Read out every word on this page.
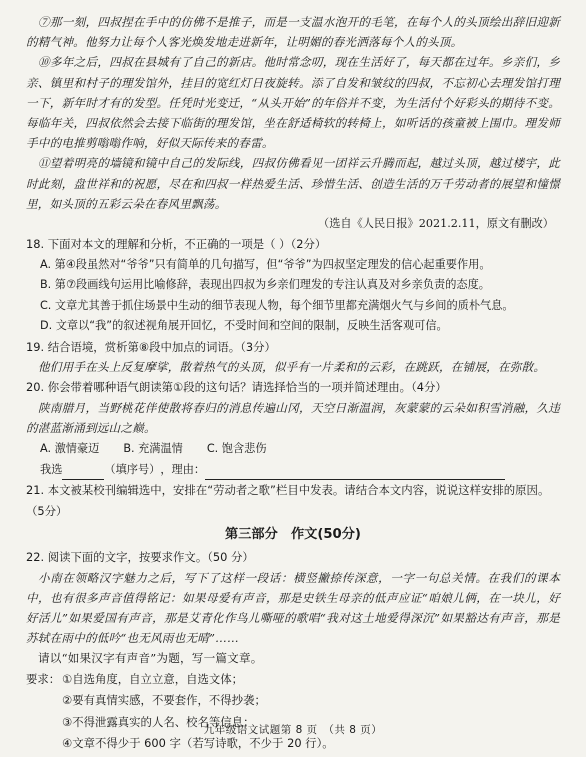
⑦那一刻，四叔捏在手中的仿佛不是推子，而是一支温水泡开的毛笔，在每个人的头顶绘出辞旧迎新的精气神。他努力让每个人客光焕发地走进新年，让明媚的春光洒落每个人的头顶。

⑩多年之后，四叔在县城有了自己的新店。他时常念叨，现在生活好了，每天都在过年。乡亲们，乡亲、镇里和村子的理发馆外，挂目的宽红灯日夜旋转。添了自发和皱纹的四叔，不忘初心去理发馆打理一下，新年时才有的发型。任凭时光变迁，“从头开始”的年俗并不变，为生活付个好彩头的期待不变。每临年关，四叔依然会去接下临街的理发馆，坐在舒适椅软的转椅上，如听话的孩童被上围巾。理发师手中的电推剪嗡嗡作响，好似天际传来的春雷。

⑪望着明亮的墙镜和镜中自己的发际线，四叔仿佛看见一团祥云升腾而起，越过头顶，越过楼宇，此时此刻，盘世祥和的祝愿，尽在和四叔一样热爱生活、珍惜生活、创造生活的万千劳动者的展望和憧憬里，如头顶的五彩云朵在春风里飘荡。

（选自《人民日报》2021.2.11，原文有删改）

18. 下面对本文的理解和分析，不正确的一项是（ ）（2分）

A. 第④段虽然对“爷爷”只有简单的几句描写，但“爷爷”为四叔坚定理发的信心起重要作用。

B. 第⑦段画线句运用比喻修辞，表现出四叔为乡亲们理发的专注认真及对乡亲负责的态度。

C. 文章尤其善于抓住场景中生动的细节表现人物，每个细节里都充满烟火气与乡间的质朴气息。

D. 文章以“我”的叙述视角展开回忆，不受时间和空间的限制，反映生活客观可信。

19. 结合语境，赏析第⑧段中加点的词语。（3分）

他们用手在头上反复摩挲，散着热气的头顶，似乎有一片柔和的云彩，在跳跃，在铺展，在弥散。

20. 你会带着哪种语气朗读第①段的这句话？请选择恰当的一项并简述理由。（4分）

陕南腊月，当野桃花伴使散将春归的消息传遍山冈，天空日渐温润，灰蒙蒙的云朵如积雪消融，久违的湛蓝渐涌到远山之巅。

A. 激情豪迈 B. 充满温情 C. 饱含悲伤
我选	（填序号） ，理由：

21. 本文被某校刊编辑选中，安排在“劳动者之歌”栏目中发表。请结合本文内容，说说这样安排的原因。（5分）

第三部分　作文(50分)

22. 阅读下面的文字，按要求作文。（50 分）

小南在领略汉字魅力之后，写下了这样一段话：横竖撇捺传深意，一字一句总关情。在我们的课本中，也有很多声音值得铭记：如果母爱有声音，那是史铁生母亲的低声应证“咱娘儿俩，在一块儿，好好活儿”如果爱国有声音，那是艾青化作鸟儿嘶哑的歌唱“我对这土地爱得深沉”如果豁达有声音，那是苏轼在雨中的低吟“也无风雨也无晴”……

请以“如果汉字有声音”为题，写一篇文章。

要求： ①自选角度，自立立意，自选文体；

②要有真情实感，不要套作，不得抄袭；

③不得泄露真实的人名、校名等信息；

④文章不得少于 600 字（若写诗歌，不少于 20 行）。

九年级语文试题第 8 页　（共 8 页）
